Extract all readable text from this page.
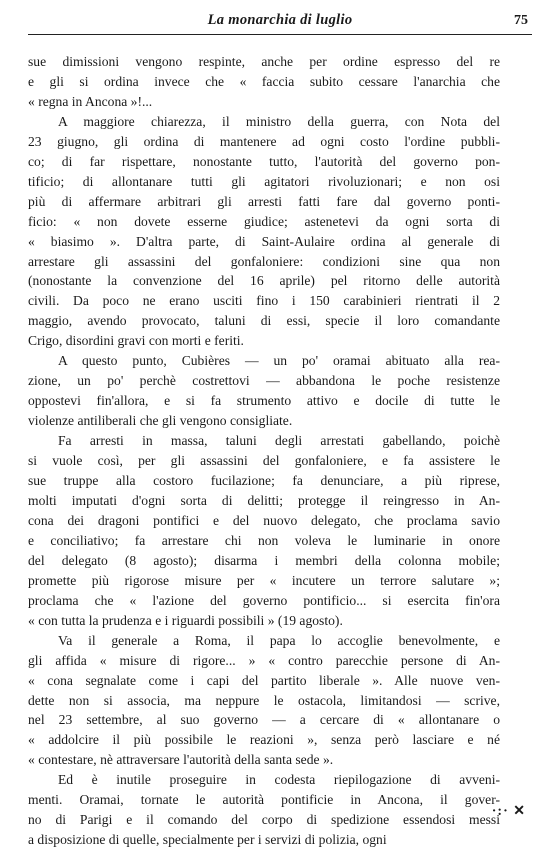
La monarchia di luglio	75
sue dimissioni vengono respinte, anche per ordine espresso del re
e gli si ordina invece che « faccia subito cessare l'anarchia che
« regna in Ancona »!...
A maggiore chiarezza, il ministro della guerra, con Nota del
23 giugno, gli ordina di mantenere ad ogni costo l'ordine pubbli-
co; di far rispettare, nonostante tutto, l'autorità del governo pon-
tificio; di allontanare tutti gli agitatori rivoluzionari; e non osi
più di affermare arbitrari gli arresti fatti fare dal governo ponti-
ficio: « non dovete esserne giudice; astenetevi da ogni sorta di
« biasimo ». D'altra parte, di Saint-Aulaire ordina al generale di
arrestare gli assassini del gonfaloniere: condizioni sine qua non
(nonostante la convenzione del 16 aprile) pel ritorno delle autorità
civili. Da poco ne erano usciti fino i 150 carabinieri rientrati il 2
maggio, avendo provocato, taluni di essi, specie il loro comandante
Crigo, disordini gravi con morti e feriti.
A questo punto, Cubières — un po' oramai abituato alla rea-
zione, un po' perchè costrettovi — abbandona le poche resistenze
oppostevi fin'allora, e si fa strumento attivo e docile di tutte le
violenze antiliberali che gli vengono consigliate.
Fa arresti in massa, taluni degli arrestati gabellando, poichè
si vuole così, per gli assassini del gonfaloniere, e fa assistere le
sue truppe alla costoro fucilazione; fa denunciare, a più riprese,
molti imputati d'ogni sorta di delitti; protegge il reingresso in An-
cona dei dragoni pontifici e del nuovo delegato, che proclama savio
e conciliativo; fa arrestare chi non voleva le luminarie in onore
del delegato (8 agosto); disarma i membri della colonna mobile;
promette più rigorose misure per « incutere un terrore salutare »;
proclama che « l'azione del governo pontificio... si esercita fin'ora
« con tutta la prudenza e i riguardi possibili » (19 agosto).
Va il generale a Roma, il papa lo accoglie benevolmente, e
gli affida « misure di rigore... » « contro parecchie persone di An-
« cona segnalate come i capi del partito liberale ». Alle nuove ven-
dette non si associa, ma neppure le ostacola, limitandosi — scrive,
nel 23 settembre, al suo governo — a cercare di « allontanare o
« addolcire il più possibile le reazioni », senza però lasciare e né
« contestare, nè attraversare l'autorità della santa sede ».
Ed è inutile proseguire in codesta riepilogazione di avveni-
menti. Oramai, tornate le autorità pontificie in Ancona, il gover-
no di Parigi e il comando del corpo di spedizione essendosi messi
a disposizione di quelle, specialmente per i servizi di polizia, ogni
·:· ✕
